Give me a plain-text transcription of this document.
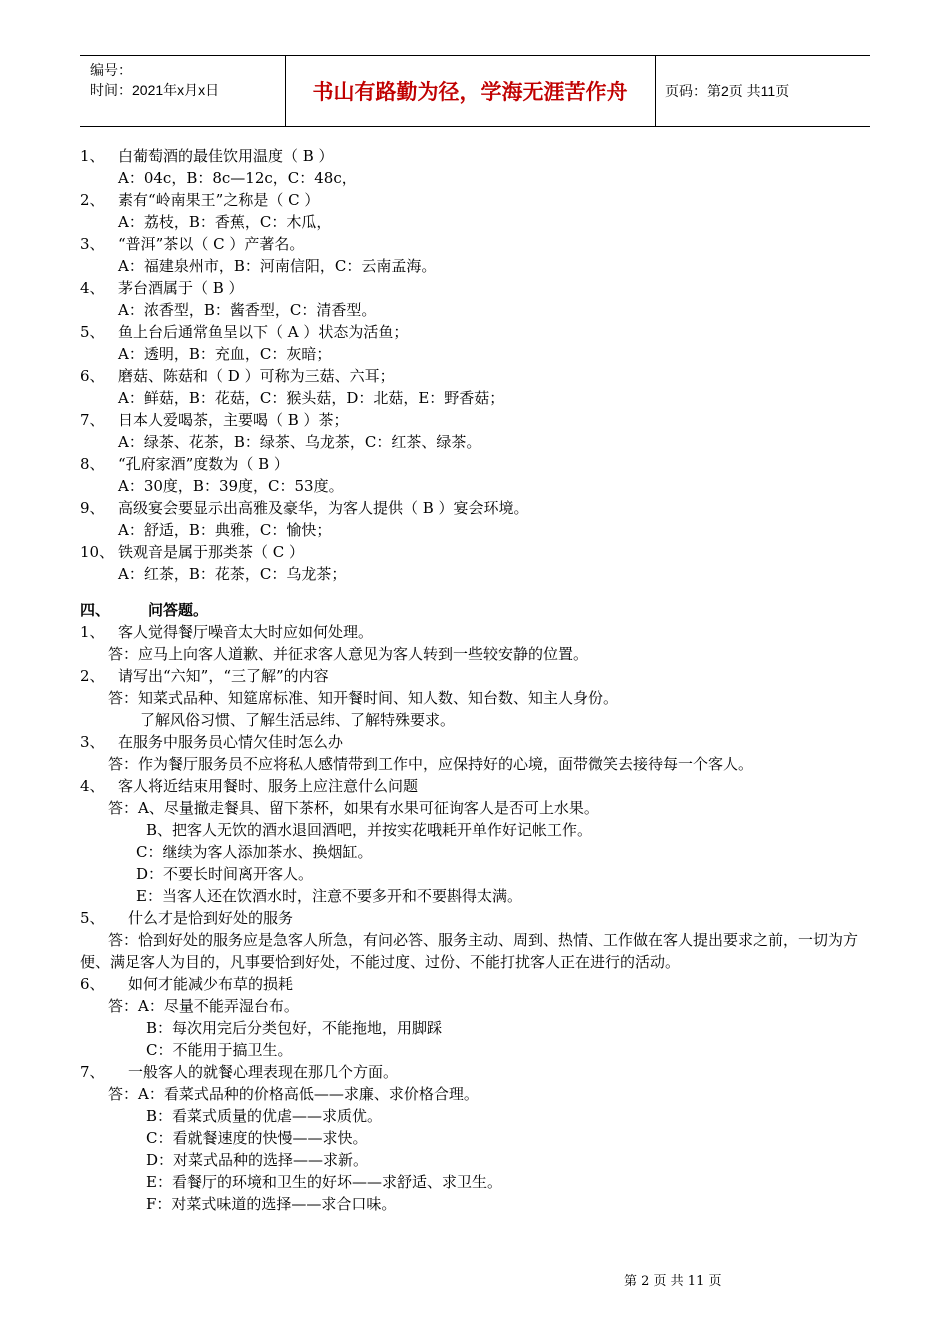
编号：
时间：2021年x月x日	书山有路勤为径，学海无涯苦作舟	页码：第2页 共11页
1、 白葡萄酒的最佳饮用温度（ B ）
A：04c，B：8c—12c，C：48c，
2、 素有“岭南果王”之称是（ C ）
A：荔枝，B：香蕉，C：木瓜，
3、 “普洱”茶以（ C ）产著名。
A：福建泉州市，B：河南信阳，C：云南孟海。
4、 茅台酒属于（ B ）
A：浓香型，B：酱香型，C：清香型。
5、 鱼上台后通常鱼呈以下（ A ）状态为活鱼；
A：透明，B：充血，C：灰暗；
6、 磨菇、陈菇和（ D ）可称为三菇、六耳；
A：鲜菇，B：花菇，C：猴头菇，D：北菇，E：野香菇；
7、 日本人爱喝茶，主要喝（ B ）茶；
A：绿茶、花茶，B：绿茶、乌龙茶，C：红茶、绿茶。
8、 “孔府家酒”度数为（ B ）
A：30度，B：39度，C：53度。
9、 高级宴会要显示出高雅及豪华，为客人提供（ B ）宴会环境。
A：舒适，B：典雅，C：愉快；
10、 铁观音是属于那类茶（ C ）
A：红茶，B：花茶，C：乌龙茶；
四、	问答题。
1、 客人觉得餐厅噪音太大时应如何处理。
答：应马上向客人道歉、并征求客人意见为客人转到一些较安静的位置。
2、 请写出“六知”，“三了解”的内容
答：知菜式品种、知筵席标准、知开餐时间、知人数、知台数、知主人身份。
了解风俗习惯、了解生活忌纬、了解特殊要求。
3、 在服务中服务员心情欠佳时怎么办
答：作为餐厅服务员不应将私人感情带到工作中，应保持好的心境，面带微笑去接待每一个客人。
4、 客人将近结束用餐时、服务上应注意什么问题
答：A、尽量撤走餐具、留下茶杯，如果有水果可征询客人是否可上水果。
B、把客人无饮的酒水退回酒吧，并按实花哦耗开单作好记帐工作。
C：继续为客人添加茶水、换烟缸。
D：不要长时间离开客人。
E：当客人还在饮酒水时，注意不要多开和不要斟得太满。
5、 什么才是恰到好处的服务
答：恰到好处的服务应是急客人所急，有问必答、服务主动、周到、热情、工作做在客人提出要求之前，一切为方便、满足客人为目的，凡事要恰到好处，不能过度、过份、不能打扰客人正在进行的活动。
6、 如何才能减少布草的损耗
答：A：尽量不能弄湿台布。
B：每次用完后分类包好，不能拖地，用脚踩
C：不能用于搞卫生。
7、 一般客人的就餐心理表现在那几个方面。
答：A：看菜式品种的价格高低——求廉、求价格合理。
B：看菜式质量的优虐——求质优。
C：看就餐速度的快慢——求快。
D：对菜式品种的选择——求新。
E：看餐厅的环境和卫生的好坏——求舒适、求卫生。
F：对菜式味道的选择——求合口味。
第 2 页 共 11 页
